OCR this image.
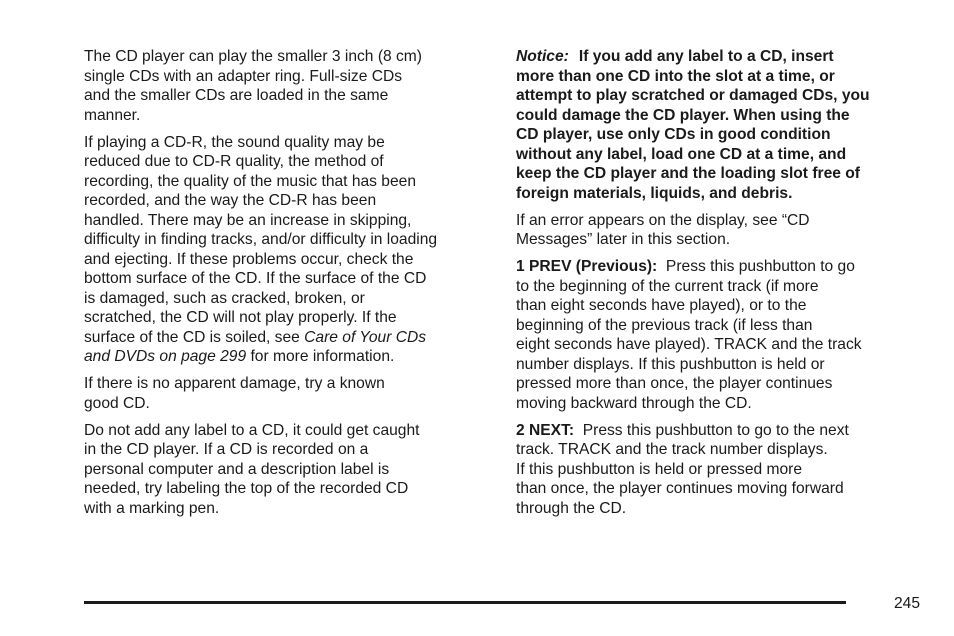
The CD player can play the smaller 3 inch (8 cm)
single CDs with an adapter ring. Full-size CDs
and the smaller CDs are loaded in the same
manner.
If playing a CD-R, the sound quality may be
reduced due to CD-R quality, the method of
recording, the quality of the music that has been
recorded, and the way the CD-R has been
handled. There may be an increase in skipping,
difficulty in finding tracks, and/or difficulty in loading
and ejecting. If these problems occur, check the
bottom surface of the CD. If the surface of the CD
is damaged, such as cracked, broken, or
scratched, the CD will not play properly. If the
surface of the CD is soiled, see Care of Your CDs
and DVDs on page 299 for more information.
If there is no apparent damage, try a known
good CD.
Do not add any label to a CD, it could get caught
in the CD player. If a CD is recorded on a
personal computer and a description label is
needed, try labeling the top of the recorded CD
with a marking pen.
Notice: If you add any label to a CD, insert
more than one CD into the slot at a time, or
attempt to play scratched or damaged CDs, you
could damage the CD player. When using the
CD player, use only CDs in good condition
without any label, load one CD at a time, and
keep the CD player and the loading slot free of
foreign materials, liquids, and debris.
If an error appears on the display, see “CD
Messages” later in this section.
1 PREV (Previous): Press this pushbutton to go
to the beginning of the current track (if more
than eight seconds have played), or to the
beginning of the previous track (if less than
eight seconds have played). TRACK and the track
number displays. If this pushbutton is held or
pressed more than once, the player continues
moving backward through the CD.
2 NEXT: Press this pushbutton to go to the next
track. TRACK and the track number displays.
If this pushbutton is held or pressed more
than once, the player continues moving forward
through the CD.
245
